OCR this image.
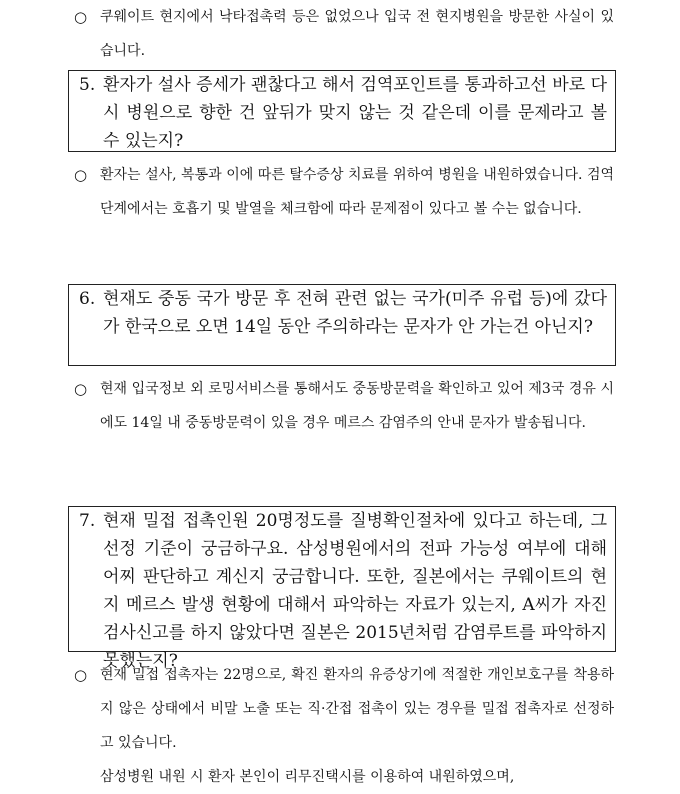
○ 쿠웨이트 현지에서 낙타접촉력 등은 없었으나 입국 전 현지병원을 방문한 사실이 있습니다.

5. 환자가 설사 증세가 괜찮다고 해서 검역포인트를 통과하고선 바로 다시 병원으로 향한 건 앞뒤가 맞지 않는 것 같은데 이를 문제라고 볼 수 있는지?

○ 환자는 설사, 복통과 이에 따른 탈수증상 치료를 위하여 병원을 내원하였습니다. 검역단계에서는 호흡기 및 발열을 체크함에 따라 문제점이 있다고 볼 수는 없습니다.

6. 현재도 중동 국가 방문 후 전혀 관련 없는 국가(미주 유럽 등)에 갔다가 한국으로 오면 14일 동안 주의하라는 문자가 안 가는건 아닌지?

○ 현재 입국정보 외 로밍서비스를 통해서도 중동방문력을 확인하고 있어 제3국 경유 시에도 14일 내 중동방문력이 있을 경우 메르스 감염주의 안내 문자가 발송됩니다.

7. 현재 밀접 접촉인원 20명정도를 질병확인절차에 있다고 하는데, 그 선정 기준이 궁금하구요. 삼성병원에서의 전파 가능성 여부에 대해 어찌 판단하고 계신지 궁금합니다. 또한, 질본에서는 쿠웨이트의 현지 메르스 발생 현황에 대해서 파악하는 자료가 있는지, A씨가 자진 검사신고를 하지 않았다면 질본은 2015년처럼 감염루트를 파악하지 못했는지?

○ 현재 밀접 접촉자는 22명으로, 확진 환자의 유증상기에 적절한 개인보호구를 착용하지 않은 상태에서 비말 노출 또는 직·간접 접촉이 있는 경우를 밀접 접촉자로 선정하고 있습니다.

삼성병원 내원 시 환자 본인이 리무진택시를 이용하여 내원하였으며,
